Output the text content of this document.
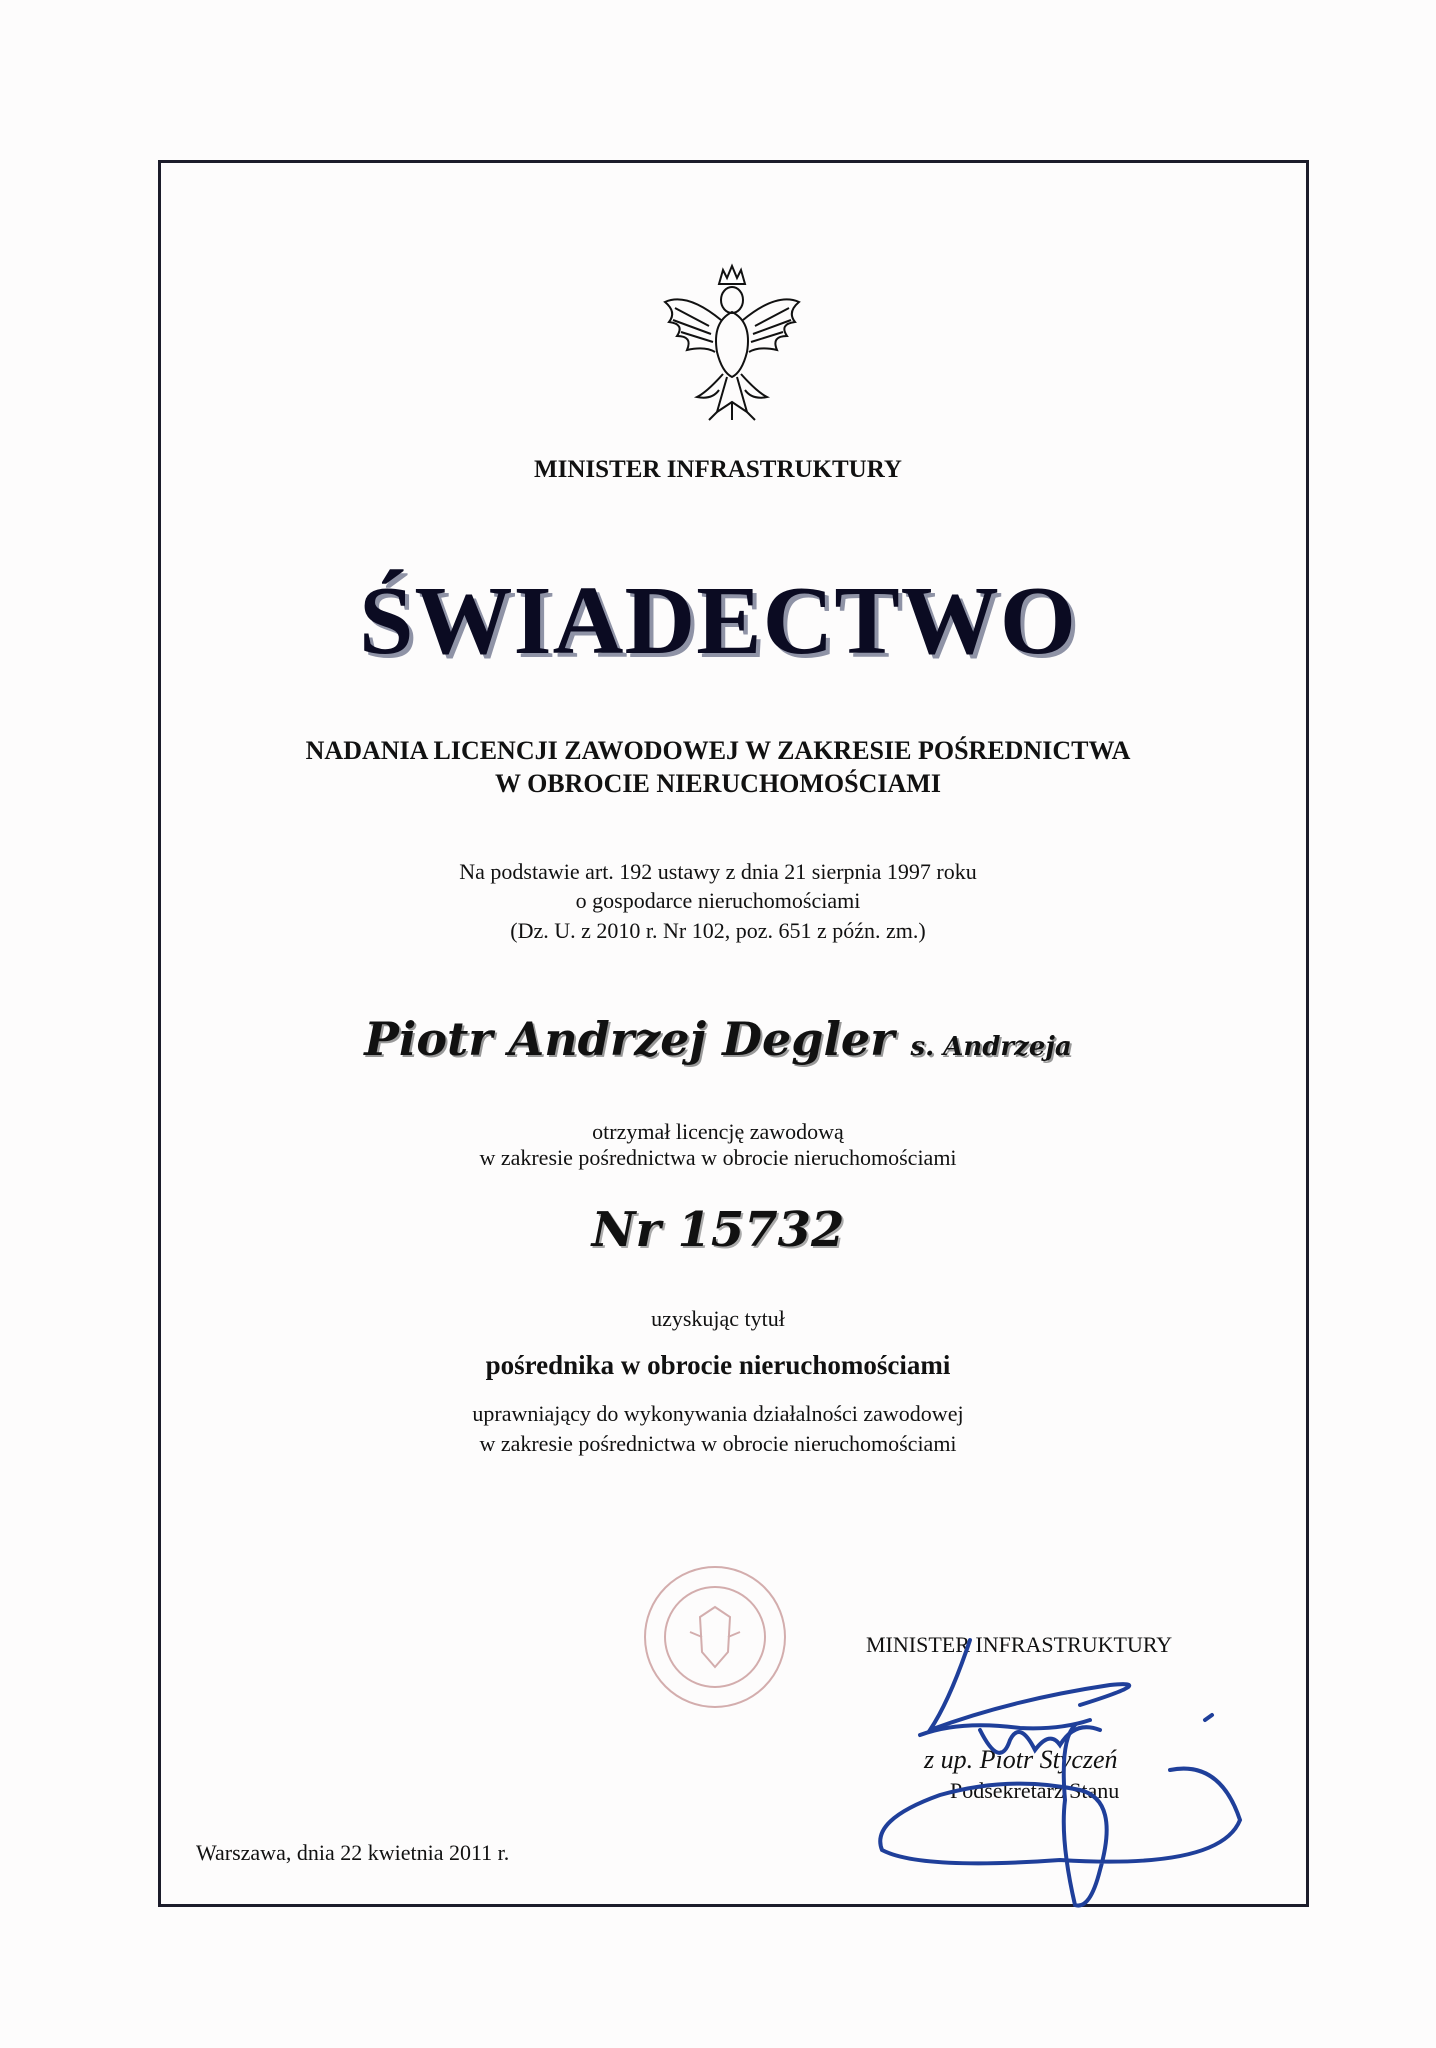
MINISTER INFRASTRUKTURY
ŚWIADECTWO
NADANIA LICENCJI ZAWODOWEJ W ZAKRESIE POŚREDNICTWA
W OBROCIE NIERUCHOMOŚCIAMI
Na podstawie art. 192 ustawy z dnia 21 sierpnia 1997 roku
o gospodarce nieruchomościami
(Dz. U. z 2010 r. Nr 102, poz. 651 z późn. zm.)
Piotr Andrzej Degler s. Andrzeja
otrzymał licencję zawodową
w zakresie pośrednictwa w obrocie nieruchomościami
Nr 15732
uzyskując tytuł
pośrednika w obrocie nieruchomościami
uprawniający do wykonywania działalności zawodowej
w zakresie pośrednictwa w obrocie nieruchomościami
MINISTER INFRASTRUKTURY
z up. Piotr Styczeń
Podsekretarz Stanu
Warszawa, dnia 22 kwietnia 2011 r.
